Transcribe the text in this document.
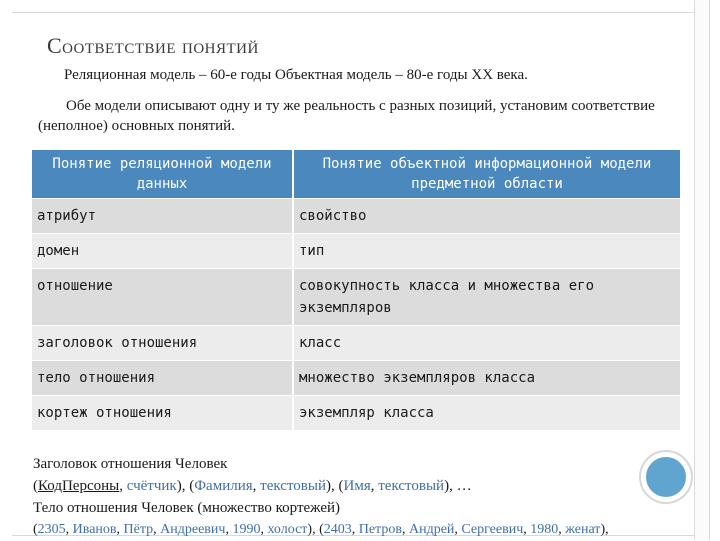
Соответствие понятий
Реляционная модель – 60-е годы Объектная модель – 80-е годы XX века.
Обе модели описывают одну и ту же реальность с разных позиций, установим соответствие (неполное) основных понятий.
Понятие реляционной модели данных	Понятие объектной информационной модели предметной области
атрибут	свойство
домен	тип
отношение	совокупность класса и множества его экземпляров
заголовок отношения	класс
тело отношения	множество экземпляров класса
кортеж отношения	экземпляр класса
Заголовок отношения Человек
(КодПерсоны, счётчик), (Фамилия, текстовый), (Имя, текстовый), …
Тело отношения Человек (множество кортежей)
(2305, Иванов, Пётр, Андреевич, 1990, холост), (2403, Петров, Андрей, Сергеевич, 1980, женат),
